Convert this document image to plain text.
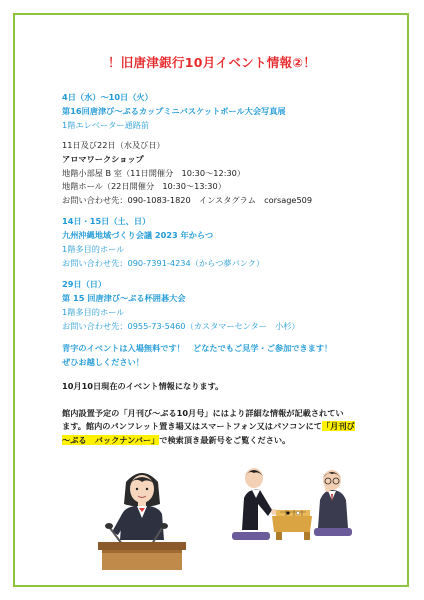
！旧唐津銀行10月イベント情報②！
4日（水）～10日（火）
第16回唐津び～ぷるカップミニバスケットボール大会写真展
1階エレベーター通路前
11日及び22日（水及び日）
アロマワークショップ
地階小部屋 B 室（11日開催分　10:30～12:30）
地階ホール（22日開催分　10:30～13:30）
お問い合わせ先：090-1083-1820　インスタグラム　corsage509
14日・15日（土、日）
九州沖縄地域づくり会議 2023 年からつ
1階多目的ホール
お問い合わせ先：090-7391-4234（からつ夢バンク）
29日（日）
第 15 回唐津び～ぷる杯囲碁大会
1階多目的ホール
お問い合わせ先：0955-73-5460（カスタマーセンター　小杉）
青字のイベントは入場無料です！　どなたでもご見学・ご参加できます！
ぜひお越しください！
10月10日現在のイベント情報になります。
館内設置予定の「月刊び～ぷる10月号」にはより詳細な情報が記載されてい
ます。館内のパンフレット置き場又はスマートフォン又はパソコンにて「月刊び
～ぷる　バックナンバー」で検索頂き最新号をご覧ください。
